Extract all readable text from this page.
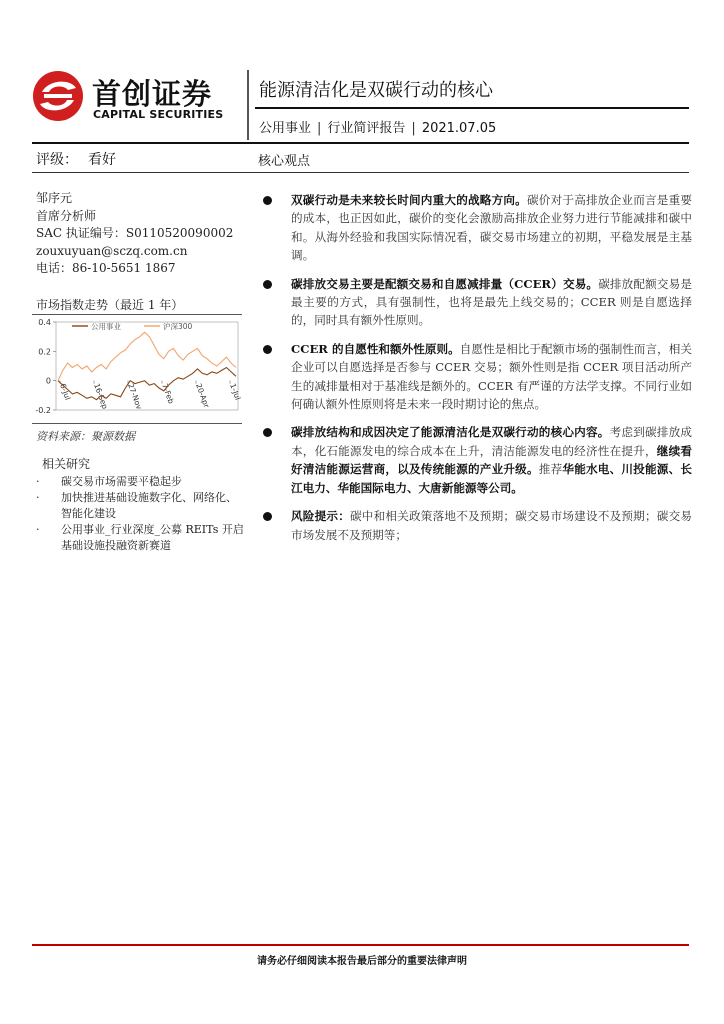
首创证券
CAPITAL SECURITIES
能源清洁化是双碳行动的核心
公用事业 | 行业简评报告 | 2021.07.05
评级： 看好	核心观点
邹序元
首席分析师
SAC 执证编号：S0110520090002
zouxuyuan@sczq.com.cn
电话：86-10-5651 1867
市场指数走势（最近 1 年）
0.4
0.2
0
-0.2
6-Jul	16-Sep 27-Nov 7-Feb 20-Apr 1-Jul
公用事业	沪深300
资料来源：聚源数据
相关研究
· 碳交易市场需要平稳起步
· 加快推进基础设施数字化、网络化、智能化建设
· 公用事业_行业深度_公募 REITs 开启基础设施投融资新赛道
双碳行动是未来较长时间内重大的战略方向。碳价对于高排放企业而言是重要的成本，也正因如此，碳价的变化会激励高排放企业努力进行节能减排和碳中和。从海外经验和我国实际情况看，碳交易市场建立的初期，平稳发展是主基调。
碳排放交易主要是配额交易和自愿减排量（CCER）交易。碳排放配额交易是最主要的方式，具有强制性，也将是最先上线交易的；CCER 则是自愿选择的，同时具有额外性原则。
CCER 的自愿性和额外性原则。自愿性是相比于配额市场的强制性而言，相关企业可以自愿选择是否参与 CCER 交易；额外性则是指 CCER 项目活动所产生的减排量相对于基准线是额外的。CCER 有严谨的方法学支撑。不同行业如何确认额外性原则将是未来一段时期讨论的焦点。
碳排放结构和成因决定了能源清洁化是双碳行动的核心内容。考虑到碳排放成本，化石能源发电的综合成本在上升，清洁能源发电的经济性在提升，继续看好清洁能源运营商，以及传统能源的产业升级。推荐华能水电、川投能源、长江电力、华能国际电力、大唐新能源等公司。
风险提示：碳中和相关政策落地不及预期；碳交易市场建设不及预期；碳交易市场发展不及预期等；
请务必仔细阅读本报告最后部分的重要法律声明
